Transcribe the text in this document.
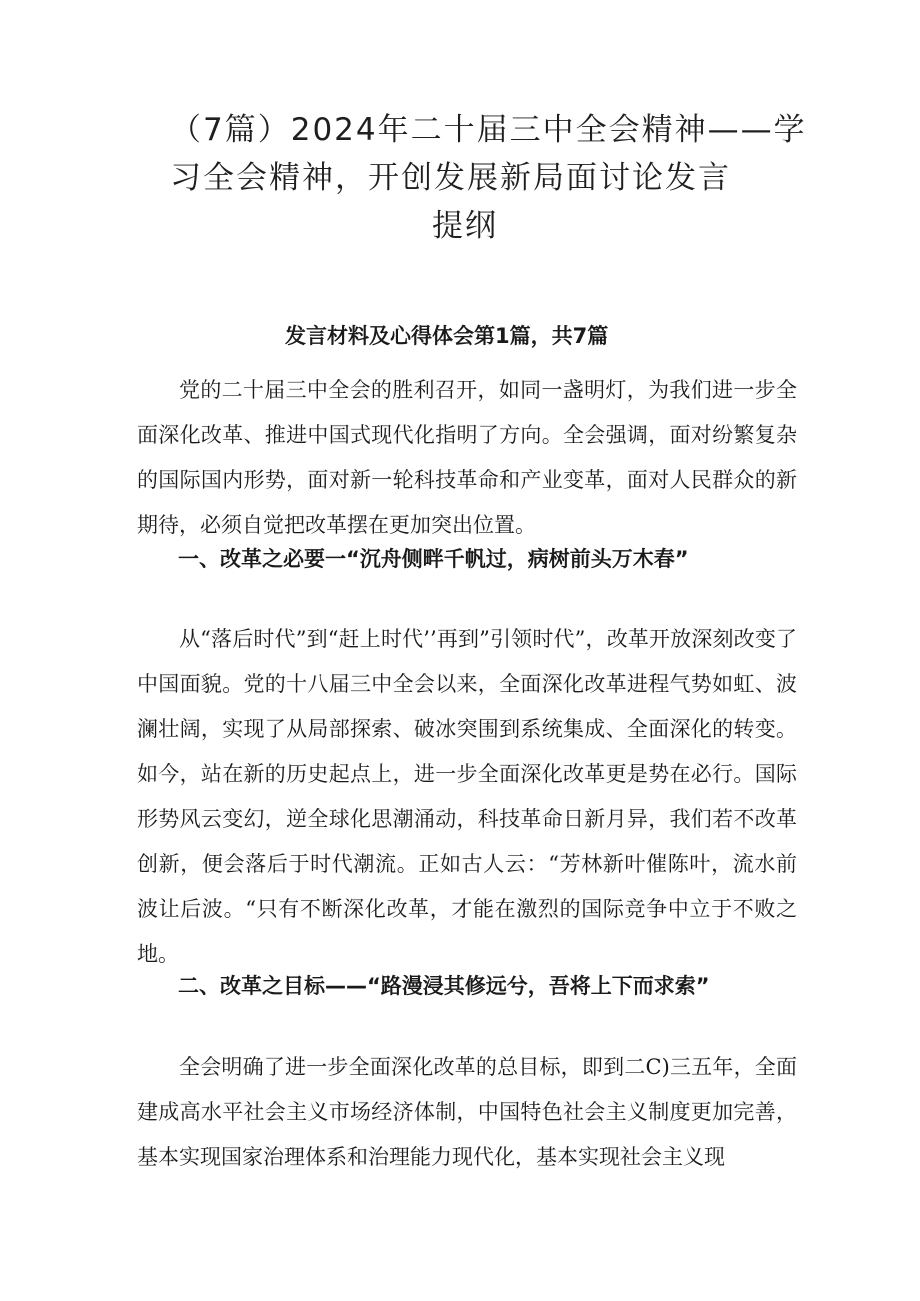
（7篇）2024年二十届三中全会精神——学
习全会精神，开创发展新局面讨论发言
提纲
发言材料及心得体会第1篇，共7篇

党的二十届三中全会的胜利召开，如同一盏明灯，为我们进一步全面深化改革、推进中国式现代化指明了方向。全会强调，面对纷繁复杂的国际国内形势，面对新一轮科技革命和产业变革，面对人民群众的新期待，必须自觉把改革摆在更加突出位置。

一、改革之必要一“沉舟侧畔千帆过，病树前头万木春”

从“落后时代”到“赶上时代’’再到”引领时代”，改革开放深刻改变了中国面貌。党的十八届三中全会以来，全面深化改革进程气势如虹、波澜壮阔，实现了从局部探索、破冰突围到系统集成、全面深化的转变。如今，站在新的历史起点上，进一步全面深化改革更是势在必行。国际形势风云变幻，逆全球化思潮涌动，科技革命日新月异，我们若不改革创新，便会落后于时代潮流。正如古人云：“芳林新叶催陈叶，流水前波让后波。“只有不断深化改革，才能在激烈的国际竞争中立于不败之地。

二、改革之目标——“路漫浸其修远兮，吾将上下而求索”

全会明确了进一步全面深化改革的总目标，即到二C)三五年，全面建成高水平社会主义市场经济体制，中国特色社会主义制度更加完善，基本实现国家治理体系和治理能力现代化，基本实现社会主义现
